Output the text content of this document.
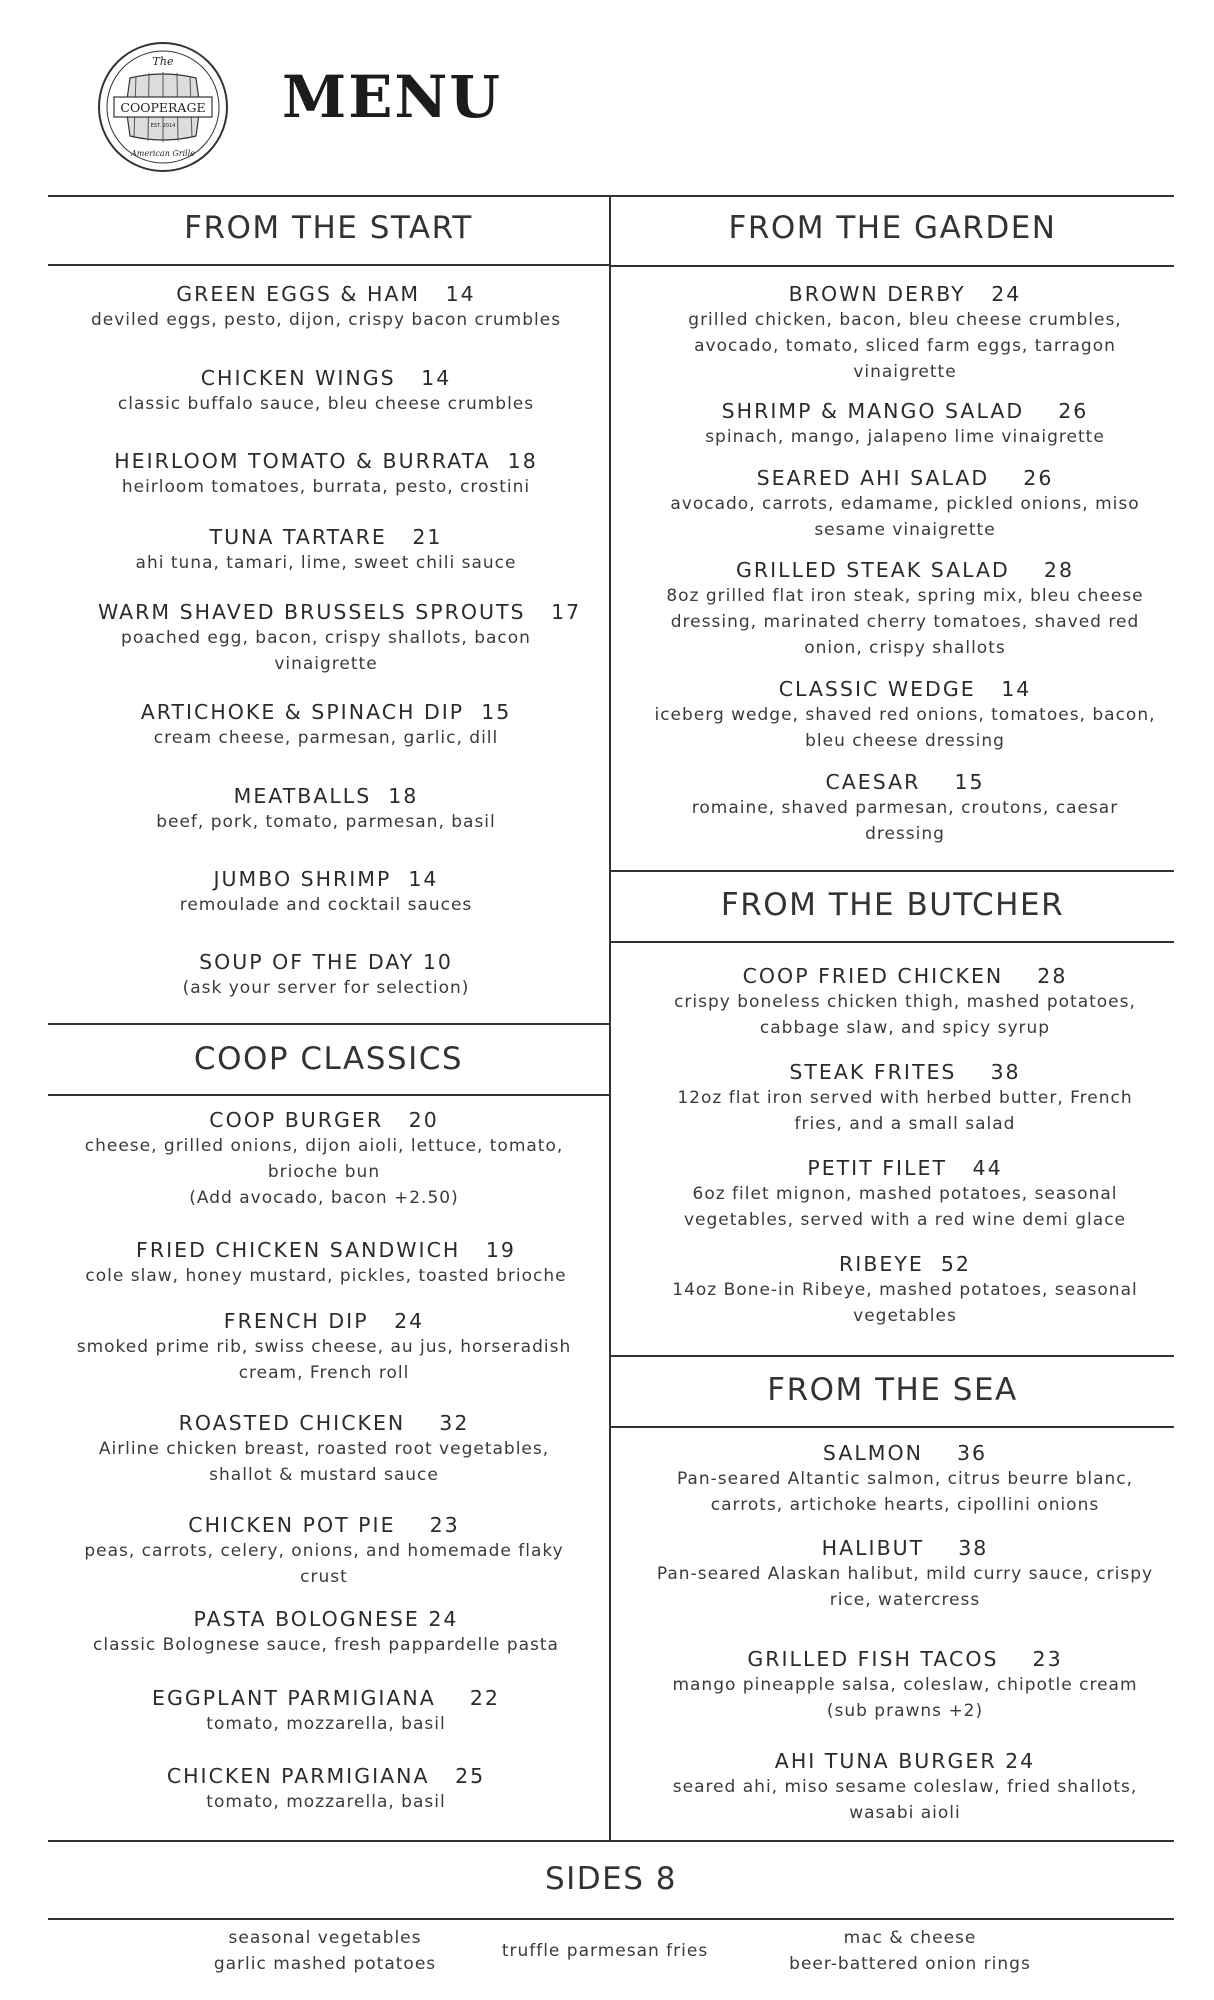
COOPERAGE
The
EST. 2014
American Grille
MENU
FROM THE START	FROM THE GARDEN
COOP CLASSICS
FROM THE BUTCHER
FROM THE SEA
SIDES 8
GREEN EGGS & HAM   14
deviled eggs, pesto, dijon, crispy bacon crumbles
CHICKEN WINGS   14
classic buffalo sauce, bleu cheese crumbles
HEIRLOOM TOMATO & BURRATA  18
heirloom tomatoes, burrata, pesto, crostini
TUNA TARTARE   21
ahi tuna, tamari, lime, sweet chili sauce
WARM SHAVED BRUSSELS SPROUTS   17
poached egg, bacon, crispy shallots, bacon vinaigrette
ARTICHOKE & SPINACH DIP  15
cream cheese, parmesan, garlic, dill
MEATBALLS  18
beef, pork, tomato, parmesan, basil
JUMBO SHRIMP  14
remoulade and cocktail sauces
SOUP OF THE DAY 10
(ask your server for selection)
COOP BURGER   20
cheese, grilled onions, dijon aioli, lettuce, tomato, brioche bun
(Add avocado, bacon +2.50)
FRIED CHICKEN SANDWICH   19
cole slaw, honey mustard, pickles, toasted brioche
FRENCH DIP   24
smoked prime rib, swiss cheese, au jus, horseradish cream, French roll
ROASTED CHICKEN    32
Airline chicken breast, roasted root vegetables, shallot & mustard sauce
CHICKEN POT PIE    23
peas, carrots, celery, onions, and homemade flaky crust
PASTA BOLOGNESE 24
classic Bolognese sauce, fresh pappardelle pasta
EGGPLANT PARMIGIANA    22
tomato, mozzarella, basil
CHICKEN PARMIGIANA   25
tomato, mozzarella, basil
BROWN DERBY   24
grilled chicken, bacon, bleu cheese crumbles, avocado, tomato, sliced farm eggs, tarragon vinaigrette
SHRIMP & MANGO SALAD    26
spinach, mango, jalapeno lime vinaigrette
SEARED AHI SALAD    26
avocado, carrots, edamame, pickled onions, miso sesame vinaigrette
GRILLED STEAK SALAD    28
8oz grilled flat iron steak, spring mix, bleu cheese dressing, marinated cherry tomatoes, shaved red onion, crispy shallots
CLASSIC WEDGE   14
iceberg wedge, shaved red onions, tomatoes, bacon, bleu cheese dressing
CAESAR    15
romaine, shaved parmesan, croutons, caesar dressing
COOP FRIED CHICKEN    28
crispy boneless chicken thigh, mashed potatoes, cabbage slaw, and spicy syrup
STEAK FRITES    38
12oz flat iron served with herbed butter, French fries, and a small salad
PETIT FILET   44
6oz filet mignon, mashed potatoes, seasonal vegetables, served with a red wine demi glace
RIBEYE  52
14oz Bone-in Ribeye, mashed potatoes, seasonal vegetables
SALMON    36
Pan-seared Altantic salmon, citrus beurre blanc, carrots, artichoke hearts, cipollini onions
HALIBUT    38
Pan-seared Alaskan halibut, mild curry sauce, crispy rice, watercress
GRILLED FISH TACOS    23
mango pineapple salsa, coleslaw, chipotle cream (sub prawns +2)
AHI TUNA BURGER 24
seared ahi, miso sesame coleslaw, fried shallots, wasabi aioli
seasonal vegetables
garlic mashed potatoes
truffle parmesan fries
mac & cheese
beer-battered onion rings
